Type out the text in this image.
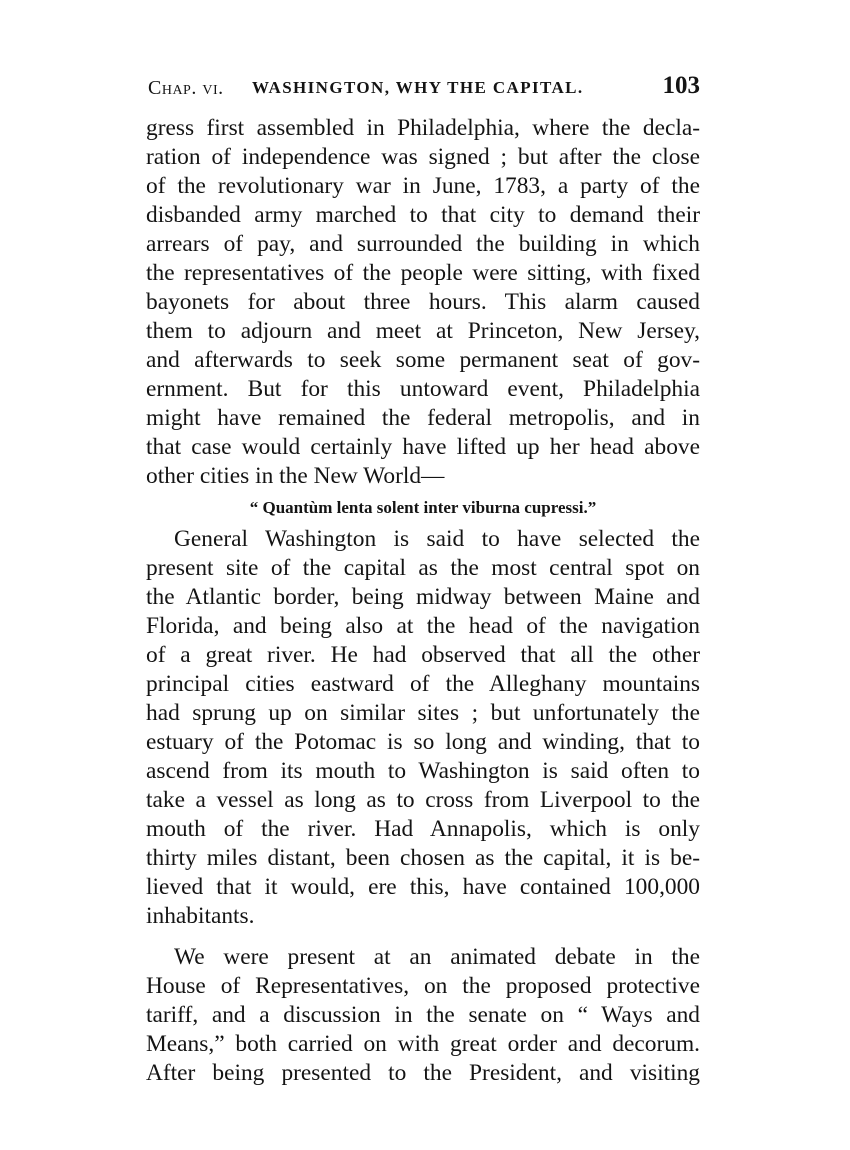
Chap. vi. WASHINGTON, WHY THE CAPITAL.	103
gress first assembled in Philadelphia, where the decla-
ration of independence was signed ; but after the close
of the revolutionary war in June, 1783, a party of the
disbanded army marched to that city to demand their
arrears of pay, and surrounded the building in which
the representatives of the people were sitting, with fixed
bayonets for about three hours. This alarm caused
them to adjourn and meet at Princeton, New Jersey,
and afterwards to seek some permanent seat of gov-
ernment. But for this untoward event, Philadelphia
might have remained the federal metropolis, and in
that case would certainly have lifted up her head above
other cities in the New World—
“ Quantùm lenta solent inter viburna cupressi.”
General Washington is said to have selected the
present site of the capital as the most central spot on
the Atlantic border, being midway between Maine and
Florida, and being also at the head of the navigation
of a great river. He had observed that all the other
principal cities eastward of the Alleghany mountains
had sprung up on similar sites ; but unfortunately the
estuary of the Potomac is so long and winding, that to
ascend from its mouth to Washington is said often to
take a vessel as long as to cross from Liverpool to the
mouth of the river. Had Annapolis, which is only
thirty miles distant, been chosen as the capital, it is be-
lieved that it would, ere this, have contained 100,000
inhabitants.
We were present at an animated debate in the
House of Representatives, on the proposed protective
tariff, and a discussion in the senate on “ Ways and
Means,” both carried on with great order and decorum.
After being presented to the President, and visiting
